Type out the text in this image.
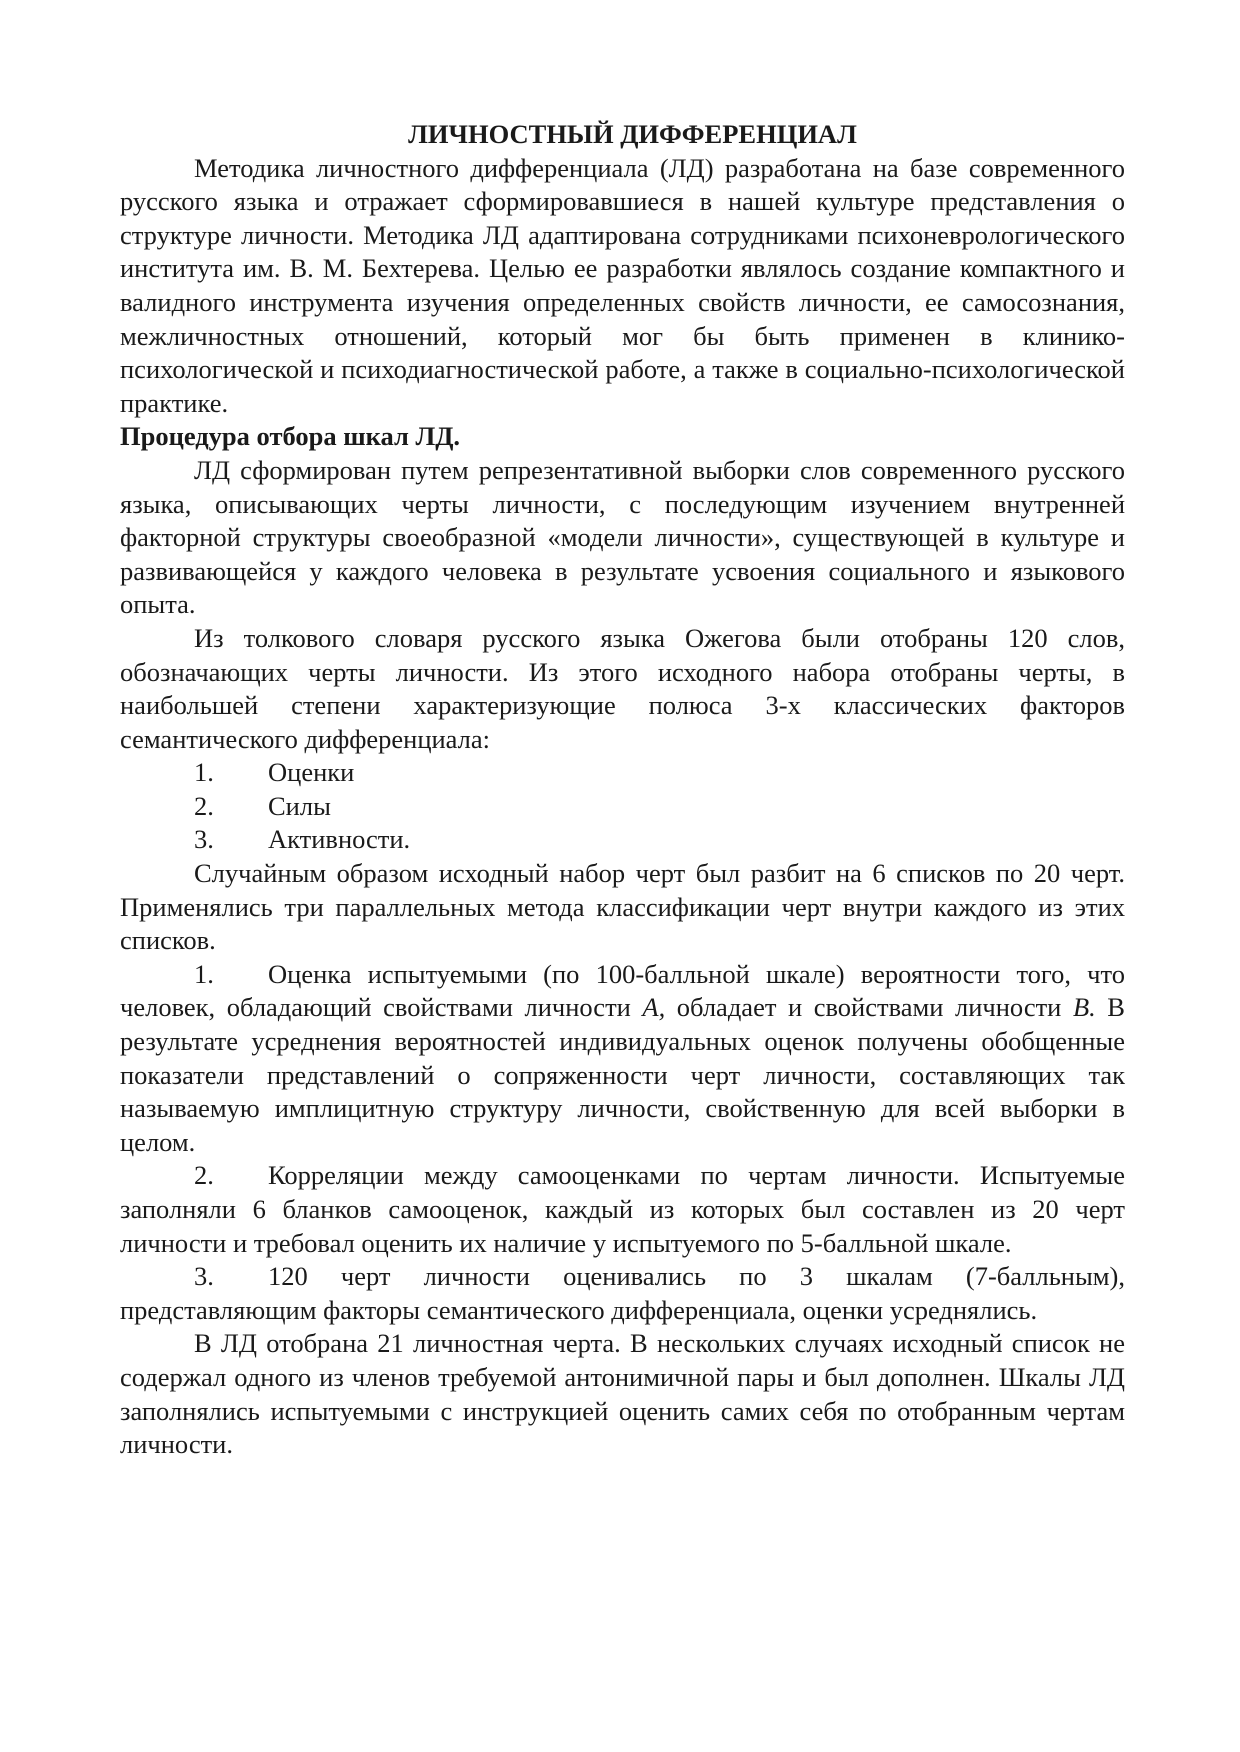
ЛИЧНОСТНЫЙ ДИФФЕРЕНЦИАЛ

Методика личностного дифференциала (ЛД) разработана на базе современного русского языка и отражает сформировавшиеся в нашей культуре представления о структуре личности. Методика ЛД адаптирована сотрудниками психоневрологического института им. В. М. Бехтерева. Целью ее разработки являлось создание компактного и валидного инструмента изучения определенных свойств личности, ее самосознания, межличностных отношений, который мог бы быть применен в клинико-психологической и психодиагностической работе, а также в социально-психологической практике.

Процедура отбора шкал ЛД.

ЛД сформирован путем репрезентативной выборки слов современного русского языка, описывающих черты личности, с последующим изучением внутренней факторной структуры своеобразной «модели личности», существующей в культуре и развивающейся у каждого человека в результате усвоения социального и языкового опыта.

Из толкового словаря русского языка Ожегова были отобраны 120 слов, обозначающих черты личности. Из этого исходного набора отобраны черты, в наибольшей степени характеризующие полюса 3-х классических факторов семантического дифференциала:

1. Оценки
2. Силы
3. Активности.

Случайным образом исходный набор черт был разбит на 6 списков по 20 черт. Применялись три параллельных метода классификации черт внутри каждого из этих списков.

1. Оценка испытуемыми (по 100-балльной шкале) вероятности того, что человек, обладающий свойствами личности А, обладает и свойствами личности В. В результате усреднения вероятностей индивидуальных оценок получены обобщенные показатели представлений о сопряженности черт личности, составляющих так называемую имплицитную структуру личности, свойственную для всей выборки в целом.

2. Корреляции между самооценками по чертам личности. Испытуемые заполняли 6 бланков самооценок, каждый из которых был составлен из 20 черт личности и требовал оценить их наличие у испытуемого по 5-балльной шкале.

3. 120 черт личности оценивались по 3 шкалам (7-балльным), представляющим факторы семантического дифференциала, оценки усреднялись.

В ЛД отобрана 21 личностная черта. В нескольких случаях исходный список не содержал одного из членов требуемой антонимичной пары и был дополнен. Шкалы ЛД заполнялись испытуемыми с инструкцией оценить самих себя по отобранным чертам личности.
